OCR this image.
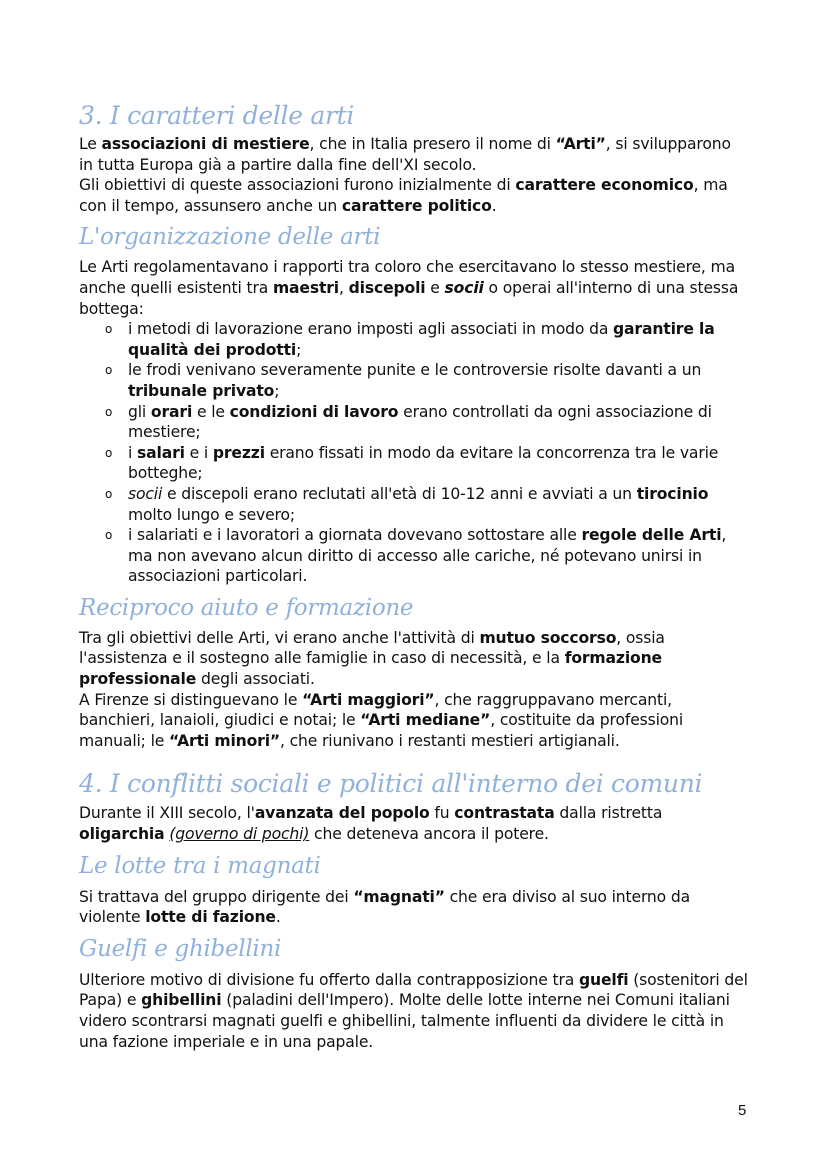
3. I caratteri delle arti

Le associazioni di mestiere, che in Italia presero il nome di “Arti”, si svilupparono in tutta Europa già a partire dalla fine dell'XI secolo.

Gli obiettivi di queste associazioni furono inizialmente di carattere economico, ma con il tempo, assunsero anche un carattere politico.

L'organizzazione delle arti

Le Arti regolamentavano i rapporti tra coloro che esercitavano lo stesso mestiere, ma anche quelli esistenti tra maestri, discepoli e socii o operai all'interno di una stessa bottega:

o i metodi di lavorazione erano imposti agli associati in modo da garantire la qualità dei prodotti;
o le frodi venivano severamente punite e le controversie risolte davanti a un tribunale privato;
o gli orari e le condizioni di lavoro erano controllati da ogni associazione di mestiere;
o i salari e i prezzi erano fissati in modo da evitare la concorrenza tra le varie botteghe;
o socii e discepoli erano reclutati all'età di 10-12 anni e avviati a un tirocinio molto lungo e severo;
o i salariati e i lavoratori a giornata dovevano sottostare alle regole delle Arti, ma non avevano alcun diritto di accesso alle cariche, né potevano unirsi in associazioni particolari.
Reciproco aiuto e formazione

Tra gli obiettivi delle Arti, vi erano anche l'attività di mutuo soccorso, ossia l'assistenza e il sostegno alle famiglie in caso di necessità, e la formazione professionale degli associati.

A Firenze si distinguevano le “Arti maggiori”, che raggruppavano mercanti, banchieri, lanaioli, giudici e notai; le “Arti mediane”, costituite da professioni manuali; le “Arti minori”, che riunivano i restanti mestieri artigianali.

4. I conflitti sociali e politici all'interno dei comuni

Durante il XIII secolo, l'avanzata del popolo fu contrastata dalla ristretta oligarchia (governo di pochi) che deteneva ancora il potere.

Le lotte tra i magnati

Si trattava del gruppo dirigente dei “magnati” che era diviso al suo interno da violente lotte di fazione.

Guelfi e ghibellini

Ulteriore motivo di divisione fu offerto dalla contrapposizione tra guelfi (sostenitori del Papa) e ghibellini (paladini dell'Impero). Molte delle lotte interne nei Comuni italiani videro scontrarsi magnati guelfi e ghibellini, talmente influenti da dividere le città in una fazione imperiale e in una papale.

5
